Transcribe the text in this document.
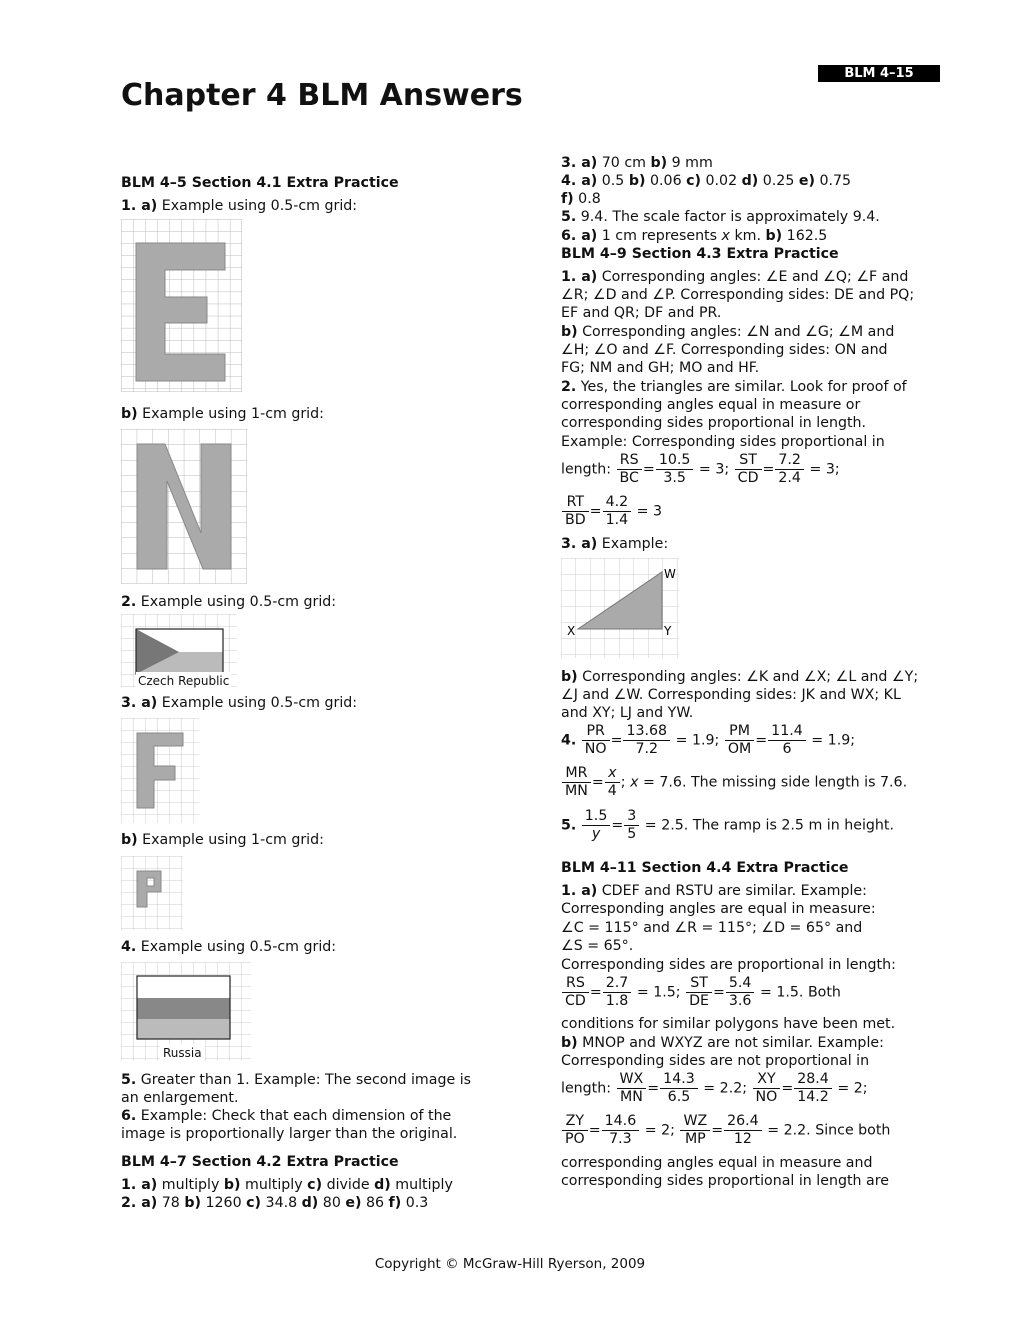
BLM 4–15
Chapter 4 BLM Answers
BLM 4–5 Section 4.1 Extra Practice
1. a) Example using 0.5-cm grid:
b) Example using 1-cm grid:
2. Example using 0.5-cm grid:
Czech Republic
3. a) Example using 0.5-cm grid:
b) Example using 1-cm grid:
4. Example using 0.5-cm grid:
Russia
5. Greater than 1. Example: The second image is
an enlargement.
6. Example: Check that each dimension of the
image is proportionally larger than the original.
BLM 4–7 Section 4.2 Extra Practice
1. a) multiply b) multiply c) divide d) multiply
2. a) 78 b) 1260 c) 34.8 d) 80 e) 86 f) 0.3
3. a) 70 cm b) 9 mm
4. a) 0.5 b) 0.06 c) 0.02 d) 0.25 e) 0.75
f) 0.8
5. 9.4. The scale factor is approximately 9.4.
6. a) 1 cm represents x km. b) 162.5
BLM 4–9 Section 4.3 Extra Practice
1. a) Corresponding angles: ∠E and ∠Q; ∠F and
∠R; ∠D and ∠P. Corresponding sides: DE and PQ;
EF and QR; DF and PR.
b) Corresponding angles: ∠N and ∠G; ∠M and
∠H; ∠O and ∠F. Corresponding sides: ON and
FG; NM and GH; MO and HF.
2. Yes, the triangles are similar. Look for proof of
corresponding angles equal in measure or
corresponding sides proportional in length.
Example: Corresponding sides proportional in
length: $\frac{RS}{BC} = \frac{10.5}{3.5} = 3$; $\frac{ST}{CD} = \frac{7.2}{2.4} = 3$;
$\frac{RT}{BD} = \frac{4.2}{1.4} = 3$
3. a) Example:
W
X	Y
b) Corresponding angles: ∠K and ∠X; ∠L and ∠Y;
∠J and ∠W. Corresponding sides: JK and WX; KL
and XY; LJ and YW.
4. $\frac{PR}{NO} = \frac{13.68}{7.2} = 1.9$; $\frac{PM}{OM} = \frac{11.4}{6} = 1.9$;
$\frac{MR}{MN} = \frac{x}{4}$ ; x = 7.6. The missing side length is 7.6.
5. $\frac{1.5}{y} = \frac{3}{5} = 2.5$. The ramp is 2.5 m in height.
BLM 4–11 Section 4.4 Extra Practice
1. a) CDEF and RSTU are similar. Example:
Corresponding angles are equal in measure:
∠C = 115° and ∠R = 115°; ∠D = 65° and
∠S = 65°.
Corresponding sides are proportional in length:
$\frac{RS}{CD} = \frac{2.7}{1.8} = 1.5$; $\frac{ST}{DE} = \frac{5.4}{3.6} = 1.5$. Both
conditions for similar polygons have been met.
b) MNOP and WXYZ are not similar. Example:
Corresponding sides are not proportional in
length: $\frac{WX}{MN} = \frac{14.3}{6.5} = 2.2$; $\frac{XY}{NO} = \frac{28.4}{14.2} = 2$;
$\frac{ZY}{PO} = \frac{14.6}{7.3} = 2$; $\frac{WZ}{MP} = \frac{26.4}{12} = 2.2$. Since both
corresponding angles equal in measure and
corresponding sides proportional in length are
Copyright © McGraw-Hill Ryerson, 2009
